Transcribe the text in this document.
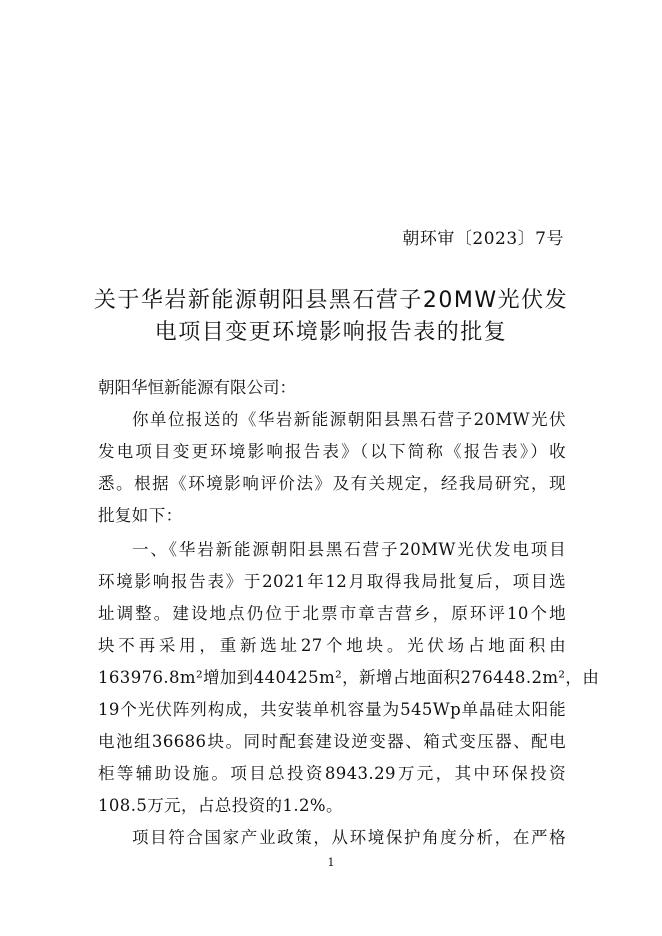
朝环审〔2023〕7号
关于华岩新能源朝阳县黑石营子20MW光伏发
电项目变更环境影响报告表的批复
朝阳华恒新能源有限公司：
你单位报送的《华岩新能源朝阳县黑石营子20MW光伏
发电项目变更环境影响报告表》（以下简称《报告表》）收
悉。根据《环境影响评价法》及有关规定，经我局研究，现
批复如下：
一、《华岩新能源朝阳县黑石营子20MW光伏发电项目
环境影响报告表》于2021年12月取得我局批复后，项目选
址调整。建设地点仍位于北票市章吉营乡，原环评10个地
块不再采用，重新选址27个地块。光伏场占地面积由
163976.8m²增加到440425m²，新增占地面积276448.2m²，由
19个光伏阵列构成，共安装单机容量为545Wp单晶硅太阳能
电池组36686块。同时配套建设逆变器、箱式变压器、配电
柜等辅助设施。项目总投资8943.29万元，其中环保投资
108.5万元，占总投资的1.2%。
项目符合国家产业政策，从环境保护角度分析，在严格
1
